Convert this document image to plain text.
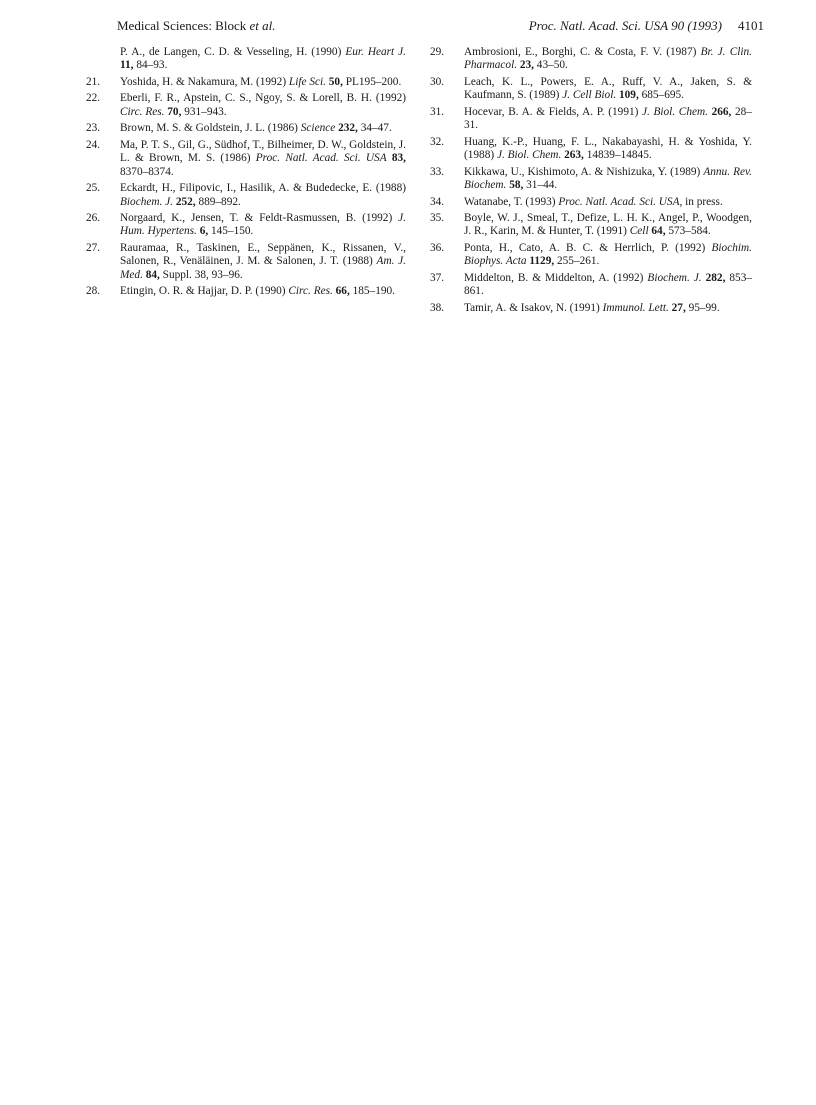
Medical Sciences: Block et al.	Proc. Natl. Acad. Sci. USA 90 (1993) 4101
P. A., de Langen, C. D. & Vesseling, H. (1990) Eur. Heart J. 11, 84–93.
21. Yoshida, H. & Nakamura, M. (1992) Life Sci. 50, PL195–200.
22. Eberli, F. R., Apstein, C. S., Ngoy, S. & Lorell, B. H. (1992) Circ. Res. 70, 931–943.
23. Brown, M. S. & Goldstein, J. L. (1986) Science 232, 34–47.
24. Ma, P. T. S., Gil, G., Südhof, T., Bilheimer, D. W., Goldstein, J. L. & Brown, M. S. (1986) Proc. Natl. Acad. Sci. USA 83, 8370–8374.
25. Eckardt, H., Filipovic, I., Hasilik, A. & Budedecke, E. (1988) Biochem. J. 252, 889–892.
26. Norgaard, K., Jensen, T. & Feldt-Rasmussen, B. (1992) J. Hum. Hypertens. 6, 145–150.
27. Rauramaa, R., Taskinen, E., Seppänen, K., Rissanen, V., Salonen, R., Venäläinen, J. M. & Salonen, J. T. (1988) Am. J. Med. 84, Suppl. 38, 93–96.
28. Etingin, O. R. & Hajjar, D. P. (1990) Circ. Res. 66, 185–190.
29. Ambrosioni, E., Borghi, C. & Costa, F. V. (1987) Br. J. Clin. Pharmacol. 23, 43–50.
30. Leach, K. L., Powers, E. A., Ruff, V. A., Jaken, S. & Kaufmann, S. (1989) J. Cell Biol. 109, 685–695.
31. Hocevar, B. A. & Fields, A. P. (1991) J. Biol. Chem. 266, 28–31.
32. Huang, K.-P., Huang, F. L., Nakabayashi, H. & Yoshida, Y. (1988) J. Biol. Chem. 263, 14839–14845.
33. Kikkawa, U., Kishimoto, A. & Nishizuka, Y. (1989) Annu. Rev. Biochem. 58, 31–44.
34. Watanabe, T. (1993) Proc. Natl. Acad. Sci. USA, in press.
35. Boyle, W. J., Smeal, T., Defize, L. H. K., Angel, P., Woodgen, J. R., Karin, M. & Hunter, T. (1991) Cell 64, 573–584.
36. Ponta, H., Cato, A. B. C. & Herrlich, P. (1992) Biochim. Biophys. Acta 1129, 255–261.
37. Middelton, B. & Middelton, A. (1992) Biochem. J. 282, 853–861.
38. Tamir, A. & Isakov, N. (1991) Immunol. Lett. 27, 95–99.
